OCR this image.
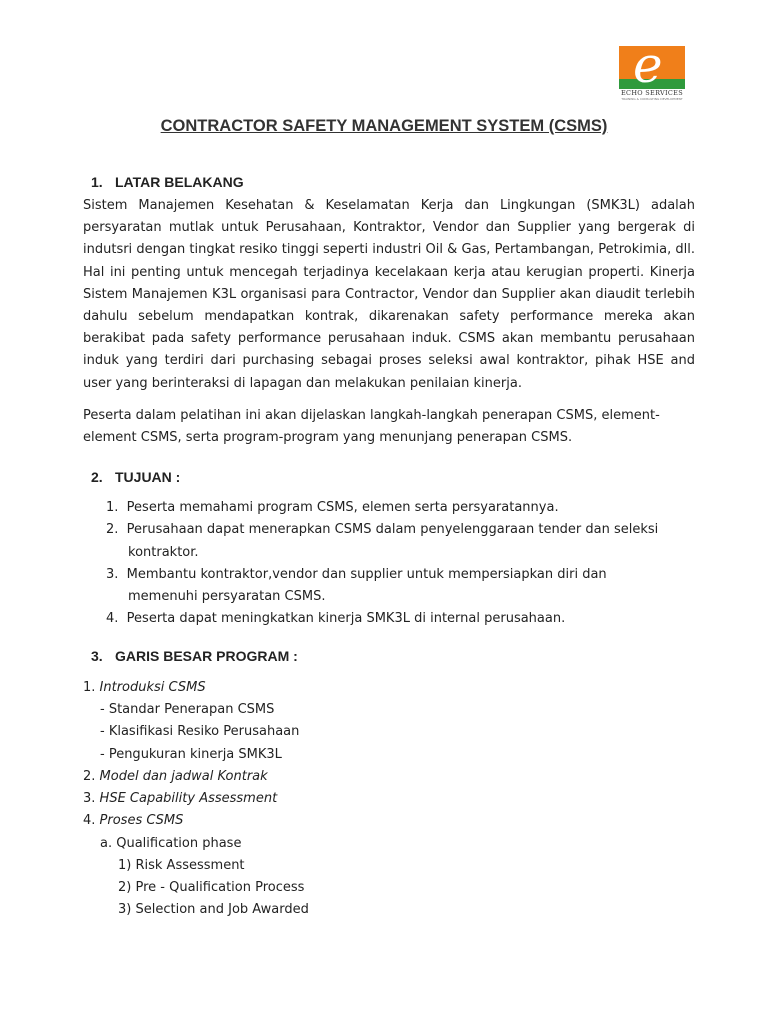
e
ECHO SERVICES
TRAINING & CONSULTING DEVELOPMENT
CONTRACTOR SAFETY MANAGEMENT SYSTEM (CSMS)
1. LATAR BELAKANG
Sistem Manajemen Kesehatan & Keselamatan Kerja dan Lingkungan (SMK3L) adalah persyaratan mutlak untuk Perusahaan, Kontraktor, Vendor dan Supplier yang bergerak di indutsri dengan tingkat resiko tinggi seperti industri Oil & Gas, Pertambangan, Petrokimia, dll. Hal ini penting untuk mencegah terjadinya kecelakaan kerja atau kerugian properti. Kinerja Sistem Manajemen K3L organisasi para Contractor, Vendor dan Supplier akan diaudit terlebih dahulu sebelum mendapatkan kontrak, dikarenakan safety performance mereka akan berakibat pada safety performance perusahaan induk. CSMS akan membantu perusahaan induk yang terdiri dari purchasing sebagai proses seleksi awal kontraktor, pihak HSE and user yang berinteraksi di lapagan dan melakukan penilaian kinerja.
Peserta dalam pelatihan ini akan dijelaskan langkah-langkah penerapan CSMS, element-element CSMS, serta program-program yang menunjang penerapan CSMS.
2. TUJUAN :
1. Peserta memahami program CSMS, elemen serta persyaratannya.
2. Perusahaan dapat menerapkan CSMS dalam penyelenggaraan tender dan seleksi
kontraktor.
3. Membantu kontraktor,vendor dan supplier untuk mempersiapkan diri dan
memenuhi persyaratan CSMS.
4. Peserta dapat meningkatkan kinerja SMK3L di internal perusahaan.
3. GARIS BESAR PROGRAM :
1. Introduksi CSMS
- Standar Penerapan CSMS
- Klasifikasi Resiko Perusahaan
- Pengukuran kinerja SMK3L
2. Model dan jadwal Kontrak
3. HSE Capability Assessment
4. Proses CSMS
a. Qualification phase
1) Risk Assessment
2) Pre - Qualification Process
3) Selection and Job Awarded
